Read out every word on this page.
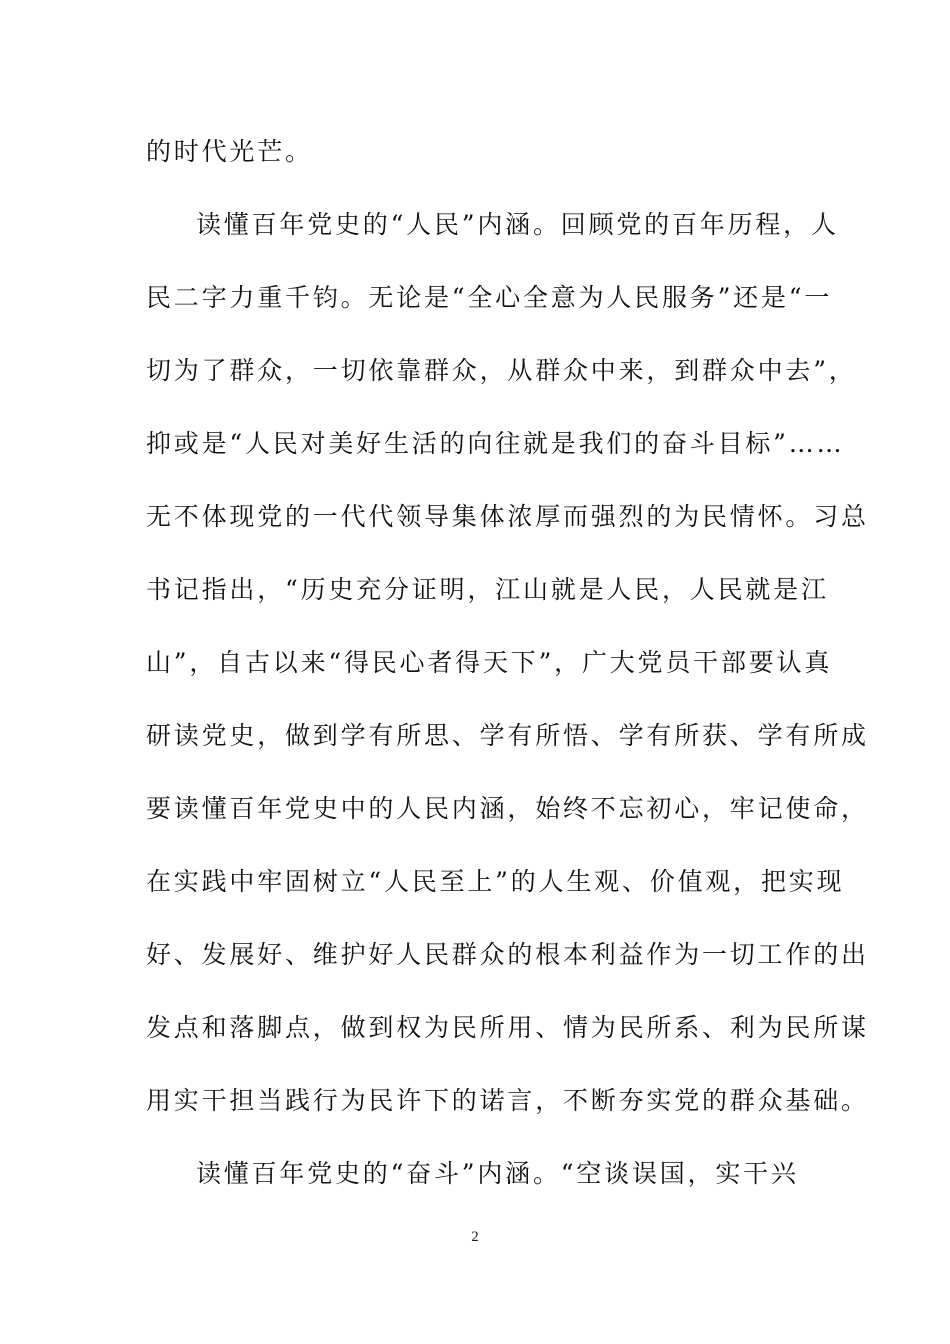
的时代光芒。
读懂百年党史的“人民”内涵。回顾党的百年历程，人
民二字力重千钧。无论是“全心全意为人民服务”还是“一
切为了群众，一切依靠群众，从群众中来，到群众中去”，
抑或是“人民对美好生活的向往就是我们的奋斗目标”……
无不体现党的一代代领导集体浓厚而强烈的为民情怀。习总
书记指出，“历史充分证明，江山就是人民，人民就是江
山”，自古以来“得民心者得天下”，广大党员干部要认真
研读党史，做到学有所思、学有所悟、学有所获、学有所成
要读懂百年党史中的人民内涵，始终不忘初心，牢记使命，
在实践中牢固树立“人民至上”的人生观、价值观，把实现
好、发展好、维护好人民群众的根本利益作为一切工作的出
发点和落脚点，做到权为民所用、情为民所系、利为民所谋
用实干担当践行为民许下的诺言，不断夯实党的群众基础。
读懂百年党史的“奋斗”内涵。“空谈误国，实干兴
2
